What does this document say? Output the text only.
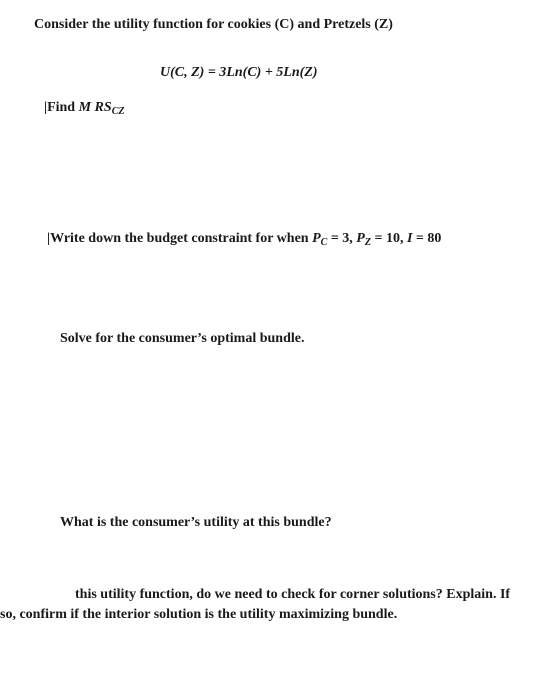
Consider the utility function for cookies (C) and Pretzels (Z)
U(C, Z) = 3Ln(C) + 5Ln(Z)
|Find M $RS_{CZ}$
|Write down the budget constraint for when $P_C = 3$, $P_Z = 10$, I = 80
Solve for the consumer’s optimal bundle.
What is the consumer’s utility at this bundle?
this utility function, do we need to check for corner solutions? Explain. If
so, confirm if the interior solution is the utility maximizing bundle.
